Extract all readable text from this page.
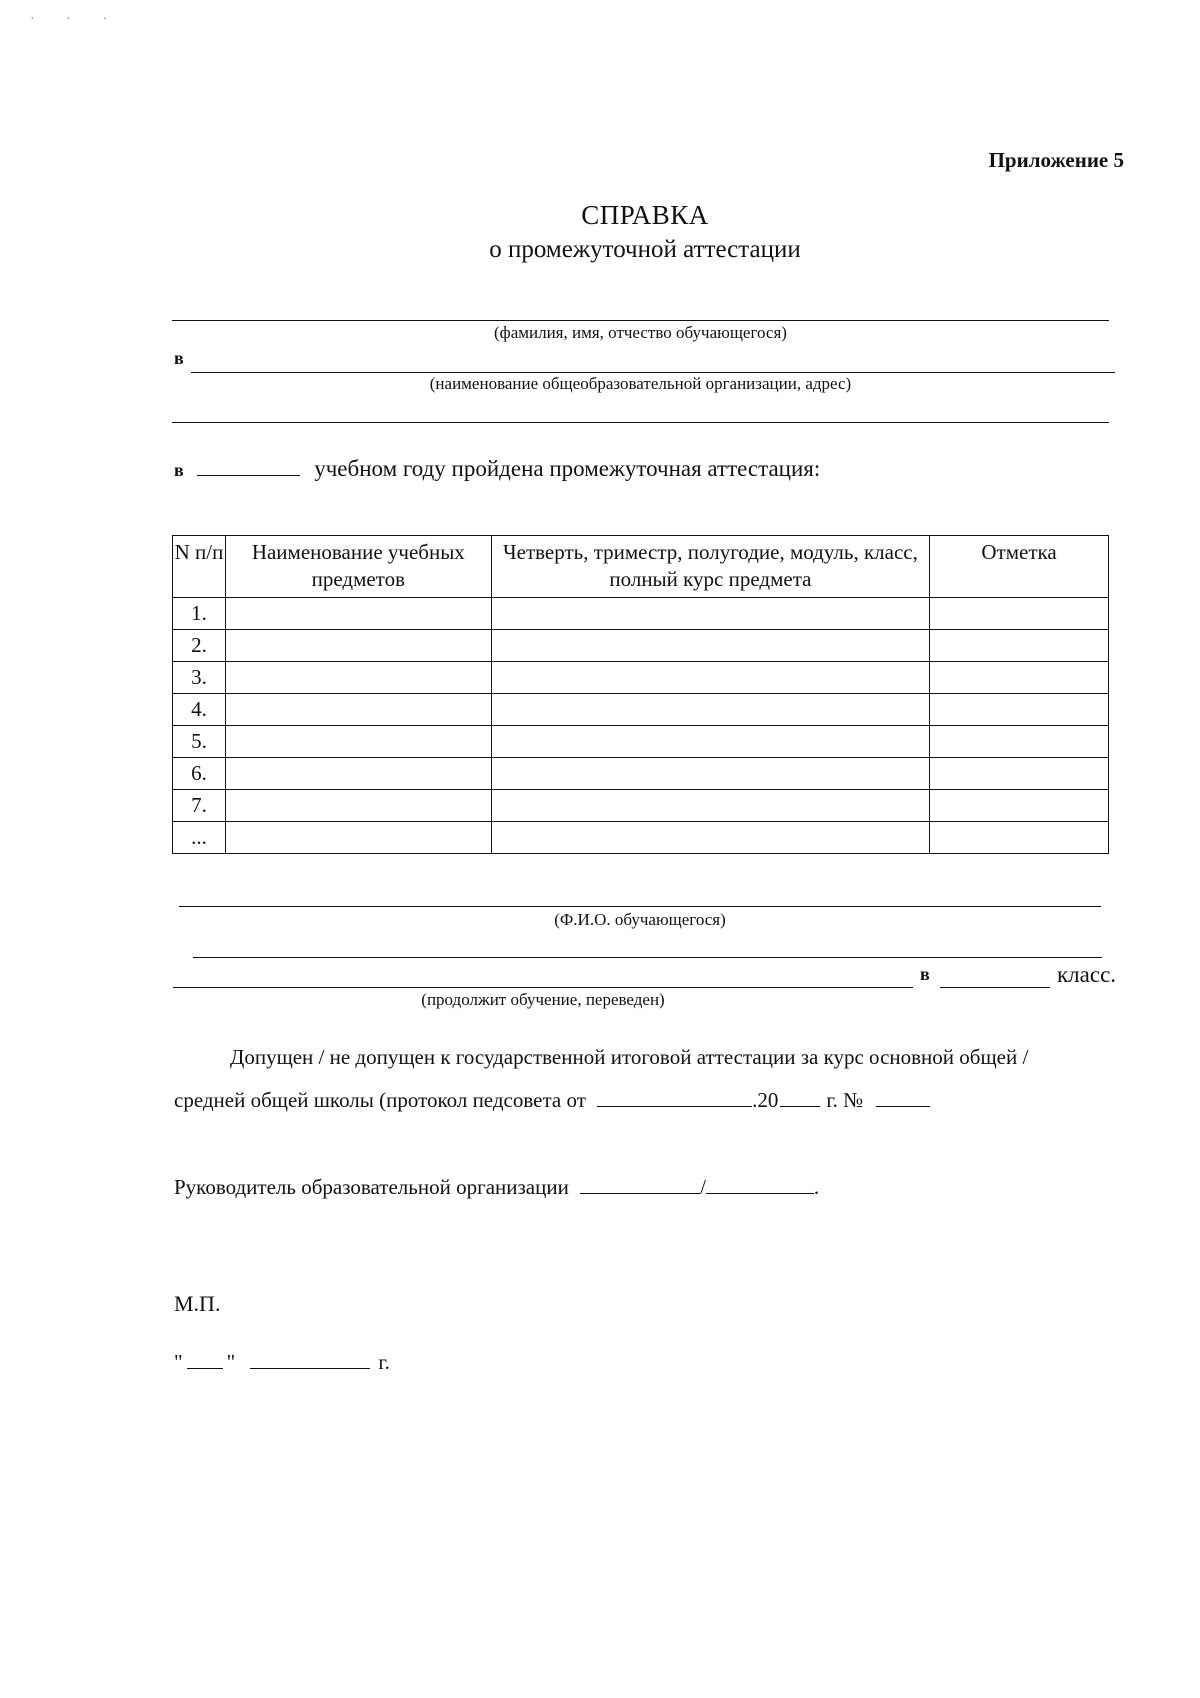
· · ·
Приложение 5
СПРАВКА
о промежуточной аттестации
(фамилия, имя, отчество обучающегося)
в
(наименование общеобразовательной организации, адрес)
в	учебном году пройдена промежуточная аттестация:
N п/п	Наименование учебных предметов	Четверть, триместр, полугодие, модуль, класс, полный курс предмета	Отметка
1.			
2.			
3.			
4.			
5.			
6.			
7.			
...			
(Ф.И.О. обучающегося)
в	класс.
(продолжит обучение, переведен)
Допущен / не допущен к государственной итоговой аттестации за курс основной общей /
средней общей школы (протокол педсовета от	.20 г. №
Руководитель образовательной организации	/	.
М.П.
" "	г.
